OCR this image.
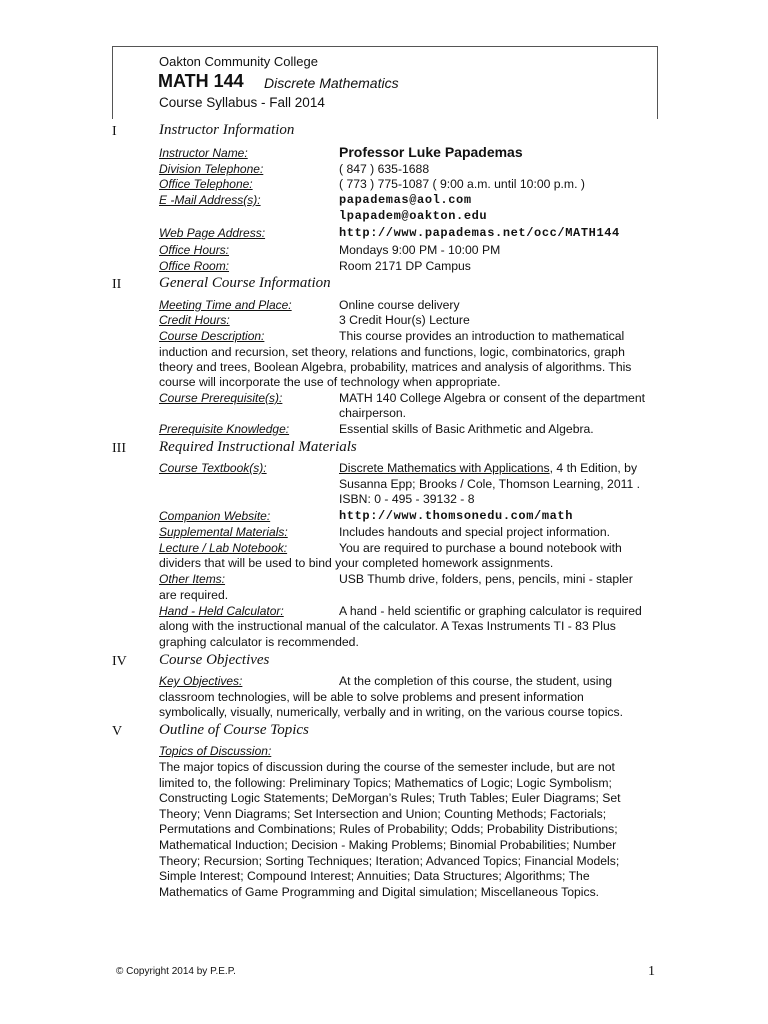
Oakton Community College
MATH 144 Discrete Mathematics
Course Syllabus - Fall 2014
I	Instructor Information
Instructor Name:	Professor Luke Papademas
Division Telephone:	( 847 ) 635-1688
Office Telephone:	( 773 ) 775-1087 ( 9:00 a.m. until 10:00 p.m. )
E -Mail Address(s):	papademas@aol.com
lpapadem@oakton.edu
Web Page Address:	http://www.papademas.net/occ/MATH144
Office Hours:	Mondays 9:00 PM - 10:00 PM
Office Room:	Room 2171 DP Campus
II	General Course Information
Meeting Time and Place:	Online course delivery
Credit Hours:	3 Credit Hour(s) Lecture
Course Description:	This course provides an introduction to mathematical
induction and recursion, set theory, relations and functions, logic, combinatorics, graph
theory and trees, Boolean Algebra, probability, matrices and analysis of algorithms. This
course will incorporate the use of technology when appropriate.
Course Prerequisite(s):	MATH 140 College Algebra or consent of the department
chairperson.
Prerequisite Knowledge:	Essential skills of Basic Arithmetic and Algebra.
III Required Instructional Materials
Course Textbook(s):	Discrete Mathematics with Applications, 4 th Edition, by
Susanna Epp; Brooks / Cole, Thomson Learning, 2011 .
ISBN: 0 - 495 - 39132 - 8
Companion Website:	http://www.thomsonedu.com/math
Supplemental Materials:	Includes handouts and special project information.
Lecture / Lab Notebook:	You are required to purchase a bound notebook with
dividers that will be used to bind your completed homework assignments.
Other Items:	USB Thumb drive, folders, pens, pencils, mini - stapler
are required.
Hand - Held Calculator:	A hand - held scientific or graphing calculator is required
along with the instructional manual of the calculator. A Texas Instruments TI - 83 Plus
graphing calculator is recommended.
IV Course Objectives
Key Objectives:	At the completion of this course, the student, using
classroom technologies, will be able to solve problems and present information
symbolically, visually, numerically, verbally and in writing, on the various course topics.
V Outline of Course Topics
Topics of Discussion:
The major topics of discussion during the course of the semester include, but are not
limited to, the following: Preliminary Topics; Mathematics of Logic; Logic Symbolism;
Constructing Logic Statements; DeMorgan’s Rules; Truth Tables; Euler Diagrams; Set
Theory; Venn Diagrams; Set Intersection and Union; Counting Methods; Factorials;
Permutations and Combinations; Rules of Probability; Odds; Probability Distributions;
Mathematical Induction; Decision - Making Problems; Binomial Probabilities; Number
Theory; Recursion; Sorting Techniques; Iteration; Advanced Topics; Financial Models;
Simple Interest; Compound Interest; Annuities; Data Structures; Algorithms; The
Mathematics of Game Programming and Digital simulation; Miscellaneous Topics.
© Copyright 2014 by P.E.P.	1
